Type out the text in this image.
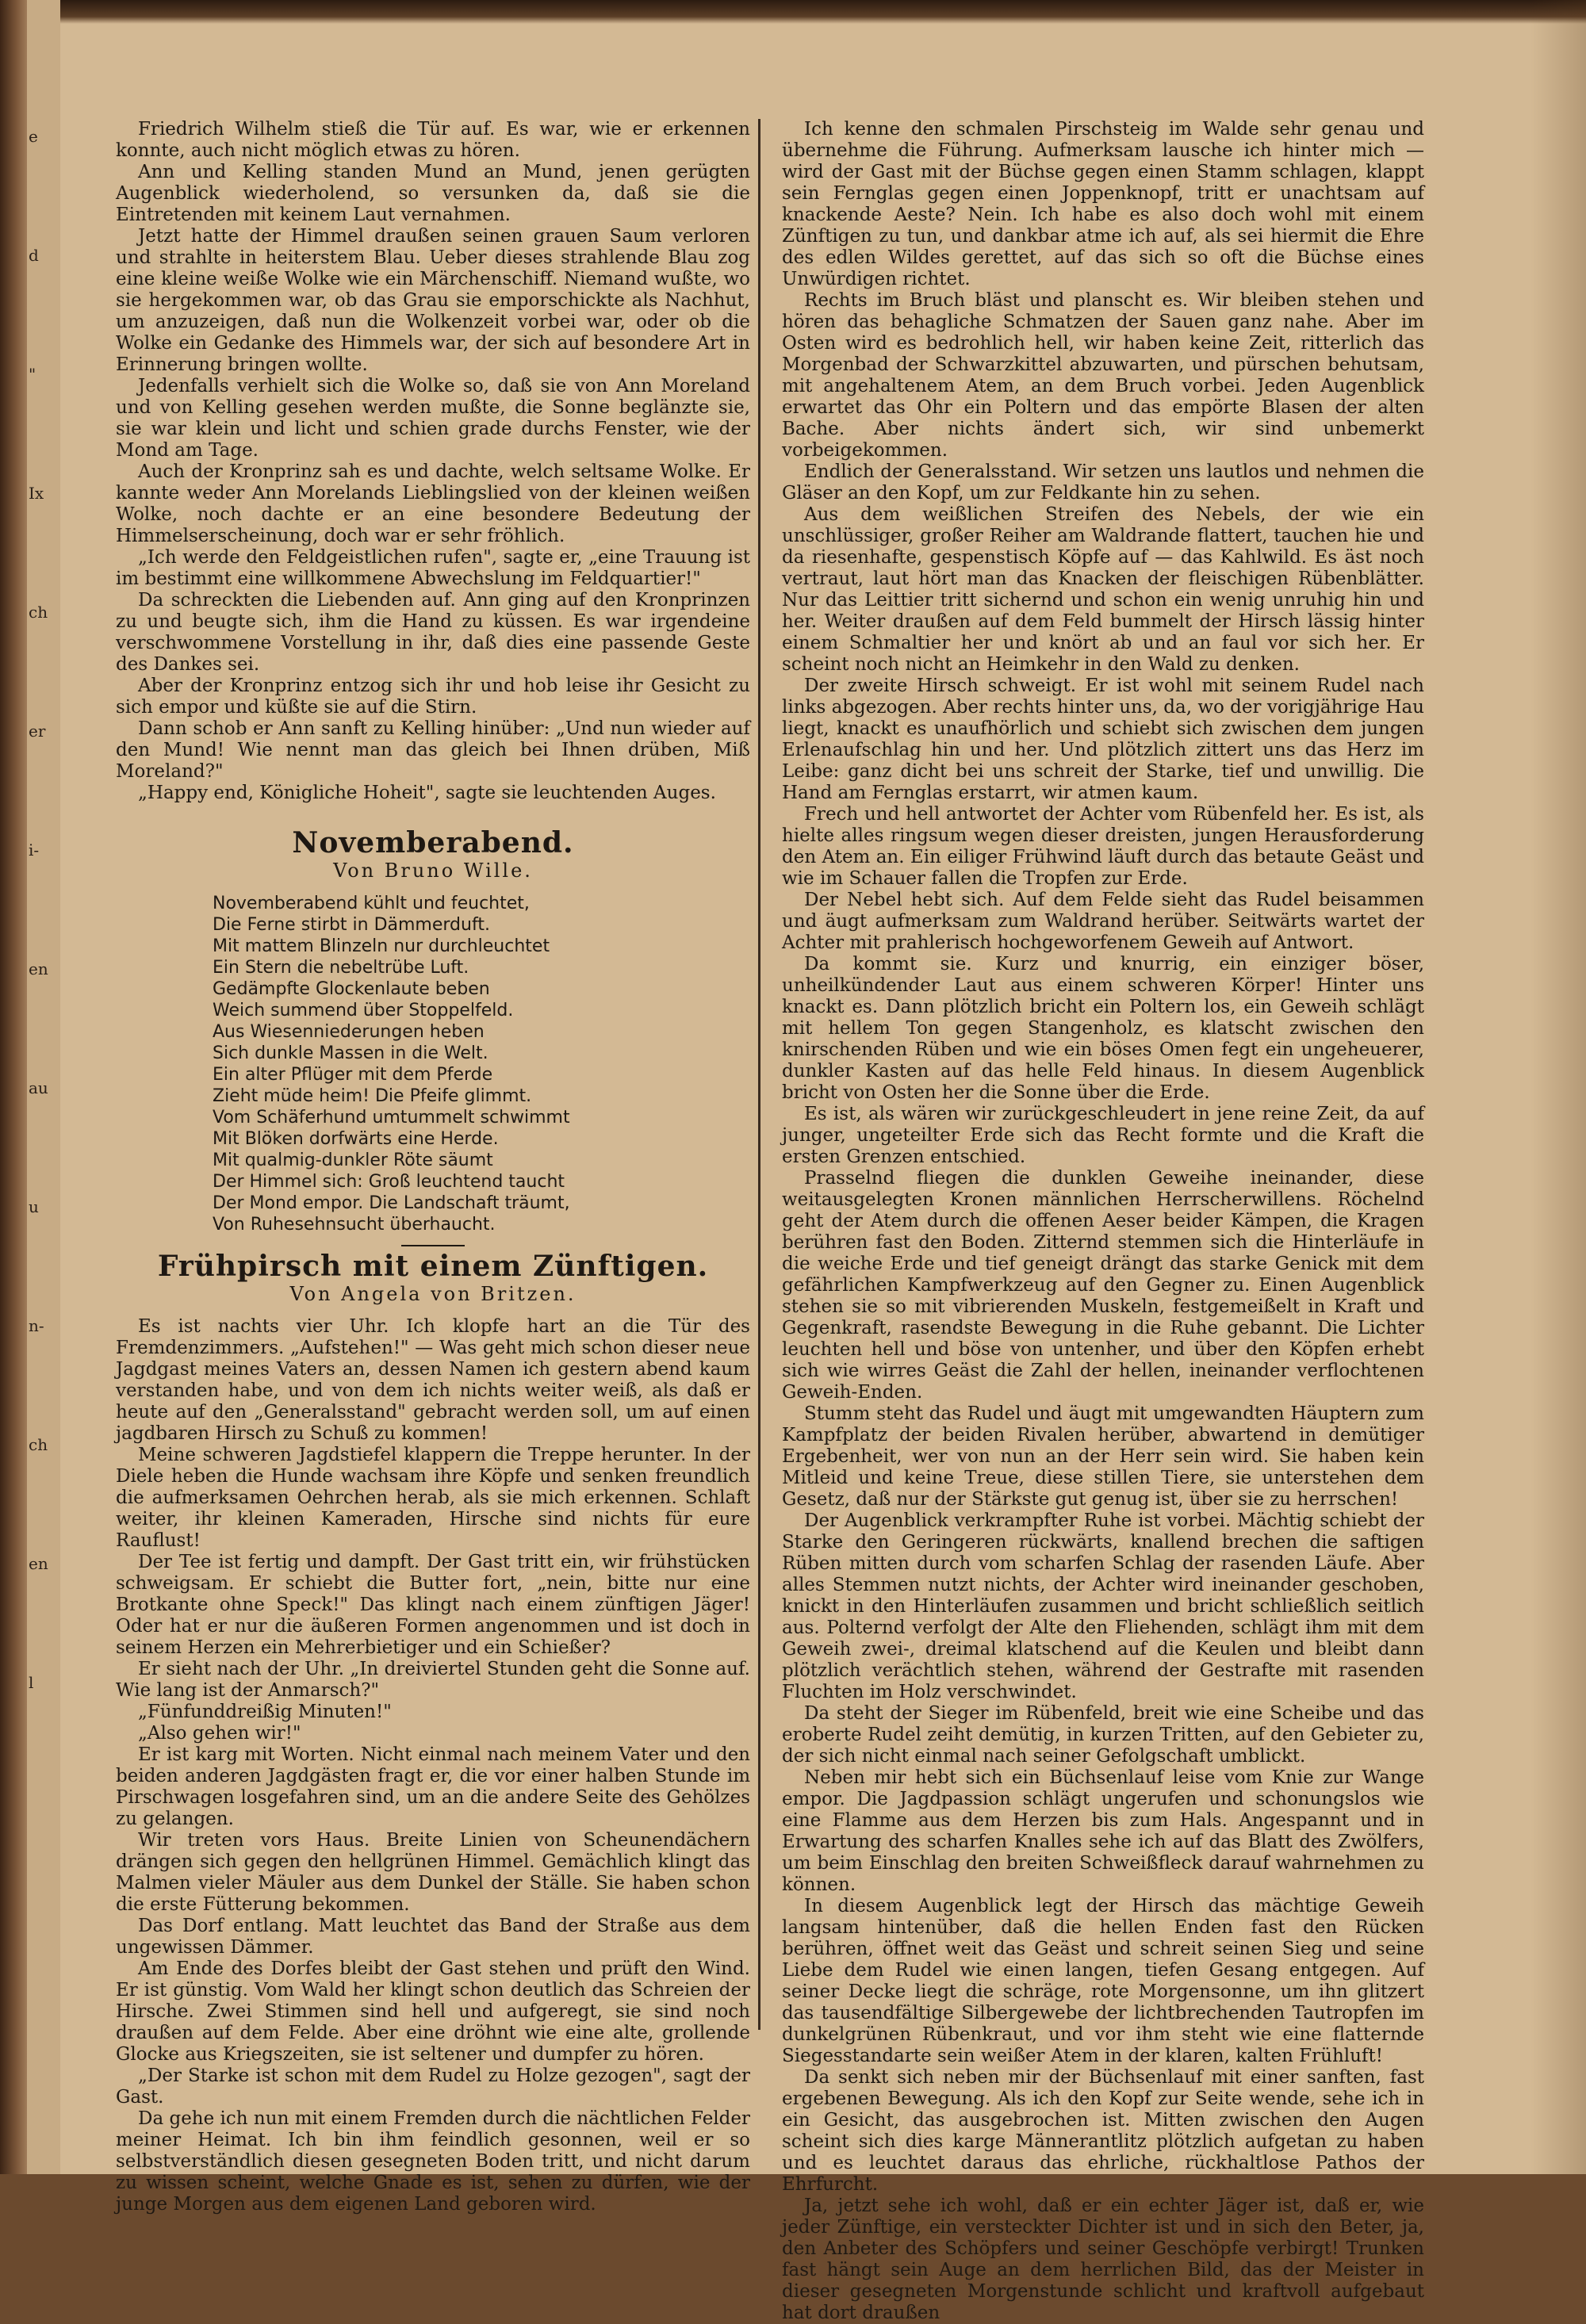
e
d
"
Ix
ch
er
i-
en
au
u
n-
ch
en
l

Friedrich Wilhelm stieß die Tür auf. Es war, wie er erkennen konnte, auch nicht möglich etwas zu hören.

Ann und Kelling standen Mund an Mund, jenen gerügten Augenblick wiederholend, so versunken da, daß sie die Eintretenden mit keinem Laut vernahmen.

Jetzt hatte der Himmel draußen seinen grauen Saum verloren und strahlte in heiterstem Blau. Ueber dieses strahlende Blau zog eine kleine weiße Wolke wie ein Märchenschiff. Niemand wußte, wo sie hergekommen war, ob das Grau sie emporschickte als Nachhut, um anzuzeigen, daß nun die Wolkenzeit vorbei war, oder ob die Wolke ein Gedanke des Himmels war, der sich auf besondere Art in Erinnerung bringen wollte.

Jedenfalls verhielt sich die Wolke so, daß sie von Ann Moreland und von Kelling gesehen werden mußte, die Sonne beglänzte sie, sie war klein und licht und schien grade durchs Fenster, wie der Mond am Tage.

Auch der Kronprinz sah es und dachte, welch seltsame Wolke. Er kannte weder Ann Morelands Lieblingslied von der kleinen weißen Wolke, noch dachte er an eine besondere Bedeutung der Himmelserscheinung, doch war er sehr fröhlich.

„Ich werde den Feldgeistlichen rufen", sagte er, „eine Trauung ist im bestimmt eine willkommene Abwechslung im Feldquartier!"

Da schreckten die Liebenden auf. Ann ging auf den Kronprinzen zu und beugte sich, ihm die Hand zu küssen. Es war irgendeine verschwommene Vorstellung in ihr, daß dies eine passende Geste des Dankes sei.

Aber der Kronprinz entzog sich ihr und hob leise ihr Gesicht zu sich empor und küßte sie auf die Stirn.

Dann schob er Ann sanft zu Kelling hinüber: „Und nun wieder auf den Mund! Wie nennt man das gleich bei Ihnen drüben, Miß Moreland?"

„Happy end, Königliche Hoheit", sagte sie leuchtenden Auges.

Novemberabend.
Von Bruno Wille.
Novemberabend kühlt und feuchtet,
Die Ferne stirbt in Dämmerduft.
Mit mattem Blinzeln nur durchleuchtet
Ein Stern die nebeltrübe Luft.
Gedämpfte Glockenlaute beben
Weich summend über Stoppelfeld.
Aus Wiesenniederungen heben
Sich dunkle Massen in die Welt.
Ein alter Pflüger mit dem Pferde
Zieht müde heim! Die Pfeife glimmt.
Vom Schäferhund umtummelt schwimmt
Mit Blöken dorfwärts eine Herde.
Mit qualmig-dunkler Röte säumt
Der Himmel sich: Groß leuchtend taucht
Der Mond empor. Die Landschaft träumt,
Von Ruhesehnsucht überhaucht.
Frühpirsch mit einem Zünftigen.
Von Angela von Britzen.

Es ist nachts vier Uhr. Ich klopfe hart an die Tür des Fremdenzimmers. „Aufstehen!" — Was geht mich schon dieser neue Jagdgast meines Vaters an, dessen Namen ich gestern abend kaum verstanden habe, und von dem ich nichts weiter weiß, als daß er heute auf den „Generalsstand" gebracht werden soll, um auf einen jagdbaren Hirsch zu Schuß zu kommen!

Meine schweren Jagdstiefel klappern die Treppe herunter. In der Diele heben die Hunde wachsam ihre Köpfe und senken freundlich die aufmerksamen Oehrchen herab, als sie mich erkennen. Schlaft weiter, ihr kleinen Kameraden, Hirsche sind nichts für eure Rauflust!

Der Tee ist fertig und dampft. Der Gast tritt ein, wir frühstücken schweigsam. Er schiebt die Butter fort, „nein, bitte nur eine Brotkante ohne Speck!" Das klingt nach einem zünftigen Jäger! Oder hat er nur die äußeren Formen angenommen und ist doch in seinem Herzen ein Mehrerbietiger und ein Schießer?

Er sieht nach der Uhr. „In dreiviertel Stunden geht die Sonne auf. Wie lang ist der Anmarsch?"

„Fünfunddreißig Minuten!"

„Also gehen wir!"

Er ist karg mit Worten. Nicht einmal nach meinem Vater und den beiden anderen Jagdgästen fragt er, die vor einer halben Stunde im Pirschwagen losgefahren sind, um an die andere Seite des Gehölzes zu gelangen.

Wir treten vors Haus. Breite Linien von Scheunendächern drängen sich gegen den hellgrünen Himmel. Gemächlich klingt das Malmen vieler Mäuler aus dem Dunkel der Ställe. Sie haben schon die erste Fütterung bekommen.

Das Dorf entlang. Matt leuchtet das Band der Straße aus dem ungewissen Dämmer.

Am Ende des Dorfes bleibt der Gast stehen und prüft den Wind. Er ist günstig. Vom Wald her klingt schon deutlich das Schreien der Hirsche. Zwei Stimmen sind hell und aufgeregt, sie sind noch draußen auf dem Felde. Aber eine dröhnt wie eine alte, grollende Glocke aus Kriegszeiten, sie ist seltener und dumpfer zu hören.

„Der Starke ist schon mit dem Rudel zu Holze gezogen", sagt der Gast.

Da gehe ich nun mit einem Fremden durch die nächtlichen Felder meiner Heimat. Ich bin ihm feindlich gesonnen, weil er so selbstverständlich diesen gesegneten Boden tritt, und nicht darum zu wissen scheint, welche Gnade es ist, sehen zu dürfen, wie der junge Morgen aus dem eigenen Land geboren wird.

Ich kenne den schmalen Pirschsteig im Walde sehr genau und übernehme die Führung. Aufmerksam lausche ich hinter mich — wird der Gast mit der Büchse gegen einen Stamm schlagen, klappt sein Fernglas gegen einen Joppenknopf, tritt er unachtsam auf knackende Aeste? Nein. Ich habe es also doch wohl mit einem Zünftigen zu tun, und dankbar atme ich auf, als sei hiermit die Ehre des edlen Wildes gerettet, auf das sich so oft die Büchse eines Unwürdigen richtet.

Rechts im Bruch bläst und planscht es. Wir bleiben stehen und hören das behagliche Schmatzen der Sauen ganz nahe. Aber im Osten wird es bedrohlich hell, wir haben keine Zeit, ritterlich das Morgenbad der Schwarzkittel abzuwarten, und pürschen behutsam, mit angehaltenem Atem, an dem Bruch vorbei. Jeden Augenblick erwartet das Ohr ein Poltern und das empörte Blasen der alten Bache. Aber nichts ändert sich, wir sind unbemerkt vorbeigekommen.

Endlich der Generalsstand. Wir setzen uns lautlos und nehmen die Gläser an den Kopf, um zur Feldkante hin zu sehen.

Aus dem weißlichen Streifen des Nebels, der wie ein unschlüssiger, großer Reiher am Waldrande flattert, tauchen hie und da riesenhafte, gespenstisch Köpfe auf — das Kahlwild. Es äst noch vertraut, laut hört man das Knacken der fleischigen Rübenblätter. Nur das Leittier tritt sichernd und schon ein wenig unruhig hin und her. Weiter draußen auf dem Feld bummelt der Hirsch lässig hinter einem Schmaltier her und knört ab und an faul vor sich her. Er scheint noch nicht an Heimkehr in den Wald zu denken.

Der zweite Hirsch schweigt. Er ist wohl mit seinem Rudel nach links abgezogen. Aber rechts hinter uns, da, wo der vorigjährige Hau liegt, knackt es unaufhörlich und schiebt sich zwischen dem jungen Erlenaufschlag hin und her. Und plötzlich zittert uns das Herz im Leibe: ganz dicht bei uns schreit der Starke, tief und unwillig. Die Hand am Fernglas erstarrt, wir atmen kaum.

Frech und hell antwortet der Achter vom Rübenfeld her. Es ist, als hielte alles ringsum wegen dieser dreisten, jungen Herausforderung den Atem an. Ein eiliger Frühwind läuft durch das betaute Geäst und wie im Schauer fallen die Tropfen zur Erde.

Der Nebel hebt sich. Auf dem Felde sieht das Rudel beisammen und äugt aufmerksam zum Waldrand herüber. Seitwärts wartet der Achter mit prahlerisch hochgeworfenem Geweih auf Antwort.

Da kommt sie. Kurz und knurrig, ein einziger böser, unheilkündender Laut aus einem schweren Körper! Hinter uns knackt es. Dann plötzlich bricht ein Poltern los, ein Geweih schlägt mit hellem Ton gegen Stangenholz, es klatscht zwischen den knirschenden Rüben und wie ein böses Omen fegt ein ungeheuerer, dunkler Kasten auf das helle Feld hinaus. In diesem Augenblick bricht von Osten her die Sonne über die Erde.

Es ist, als wären wir zurückgeschleudert in jene reine Zeit, da auf junger, ungeteilter Erde sich das Recht formte und die Kraft die ersten Grenzen entschied.

Prasselnd fliegen die dunklen Geweihe ineinander, diese weitausgelegten Kronen männlichen Herrscherwillens. Röchelnd geht der Atem durch die offenen Aeser beider Kämpen, die Kragen berühren fast den Boden. Zitternd stemmen sich die Hinterläufe in die weiche Erde und tief geneigt drängt das starke Genick mit dem gefährlichen Kampfwerkzeug auf den Gegner zu. Einen Augenblick stehen sie so mit vibrierenden Muskeln, festgemeißelt in Kraft und Gegenkraft, rasendste Bewegung in die Ruhe gebannt. Die Lichter leuchten hell und böse von untenher, und über den Köpfen erhebt sich wie wirres Geäst die Zahl der hellen, ineinander verflochtenen Geweih-Enden.

Stumm steht das Rudel und äugt mit umgewandten Häuptern zum Kampfplatz der beiden Rivalen herüber, abwartend in demütiger Ergebenheit, wer von nun an der Herr sein wird. Sie haben kein Mitleid und keine Treue, diese stillen Tiere, sie unterstehen dem Gesetz, daß nur der Stärkste gut genug ist, über sie zu herrschen!

Der Augenblick verkrampfter Ruhe ist vorbei. Mächtig schiebt der Starke den Geringeren rückwärts, knallend brechen die saftigen Rüben mitten durch vom scharfen Schlag der rasenden Läufe. Aber alles Stemmen nutzt nichts, der Achter wird ineinander geschoben, knickt in den Hinterläufen zusammen und bricht schließlich seitlich aus. Polternd verfolgt der Alte den Fliehenden, schlägt ihm mit dem Geweih zwei-, dreimal klatschend auf die Keulen und bleibt dann plötzlich verächtlich stehen, während der Gestrafte mit rasenden Fluchten im Holz verschwindet.

Da steht der Sieger im Rübenfeld, breit wie eine Scheibe und das eroberte Rudel zeiht demütig, in kurzen Tritten, auf den Gebieter zu, der sich nicht einmal nach seiner Gefolgschaft umblickt.

Neben mir hebt sich ein Büchsenlauf leise vom Knie zur Wange empor. Die Jagdpassion schlägt ungerufen und schonungslos wie eine Flamme aus dem Herzen bis zum Hals. Angespannt und in Erwartung des scharfen Knalles sehe ich auf das Blatt des Zwölfers, um beim Einschlag den breiten Schweißfleck darauf wahrnehmen zu können.

In diesem Augenblick legt der Hirsch das mächtige Geweih langsam hintenüber, daß die hellen Enden fast den Rücken berühren, öffnet weit das Geäst und schreit seinen Sieg und seine Liebe dem Rudel wie einen langen, tiefen Gesang entgegen. Auf seiner Decke liegt die schräge, rote Morgensonne, um ihn glitzert das tausendfältige Silbergewebe der lichtbrechenden Tautropfen im dunkelgrünen Rübenkraut, und vor ihm steht wie eine flatternde Siegesstandarte sein weißer Atem in der klaren, kalten Frühluft!

Da senkt sich neben mir der Büchsenlauf mit einer sanften, fast ergebenen Bewegung. Als ich den Kopf zur Seite wende, sehe ich in ein Gesicht, das ausgebrochen ist. Mitten zwischen den Augen scheint sich dies karge Männerantlitz plötzlich aufgetan zu haben und es leuchtet daraus das ehrliche, rückhaltlose Pathos der Ehrfurcht.

Ja, jetzt sehe ich wohl, daß er ein echter Jäger ist, daß er, wie jeder Zünftige, ein versteckter Dichter ist und in sich den Beter, ja, den Anbeter des Schöpfers und seiner Geschöpfe verbirgt! Trunken fast hängt sein Auge an dem herrlichen Bild, das der Meister in dieser gesegneten Morgenstunde schlicht und kraftvoll aufgebaut hat dort draußen
